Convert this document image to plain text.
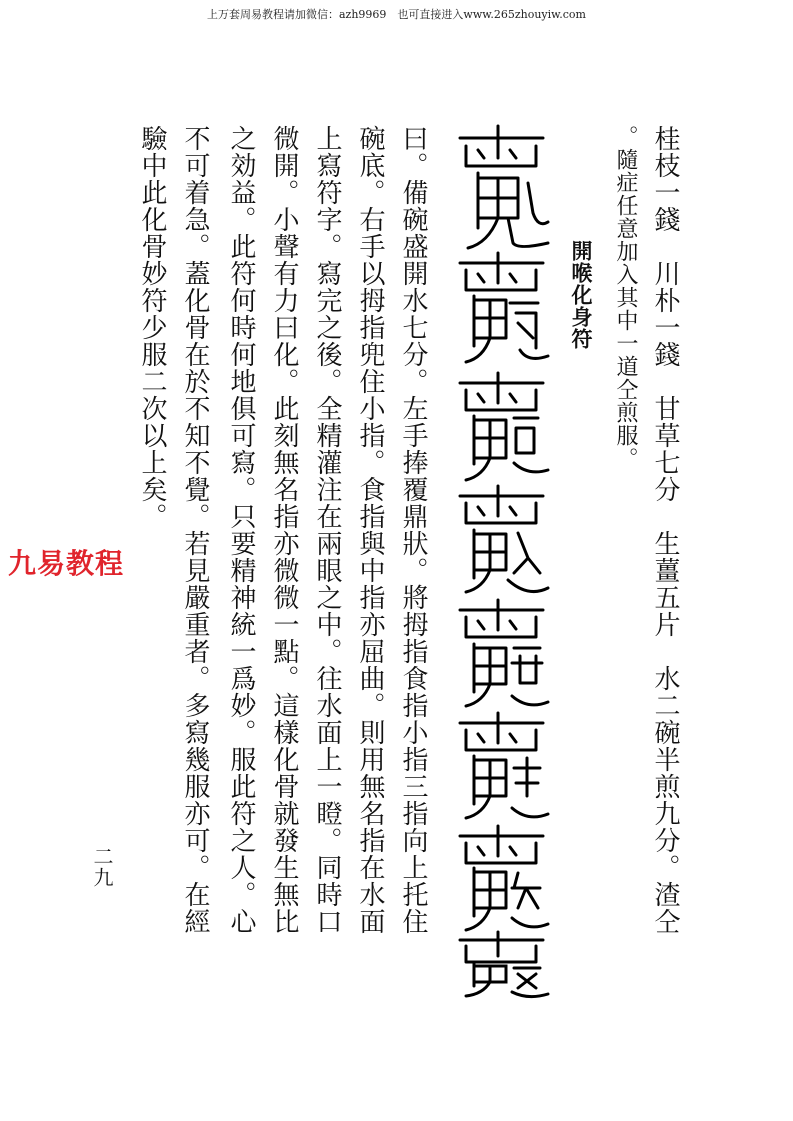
上万套周易教程请加微信：azh9969　也可直接进入www.265zhouyiw.com
桂枝一錢　川朴一錢　甘草七分　生薑五片　水二碗半煎九分。渣仝
。隨症任意加入其中一道仝煎服。
開喉化身符
曰。備碗盛開水七分。左手捧覆鼎狀。將拇指食指小指三指向上托住
碗底。右手以拇指兜住小指。食指與中指亦屈曲。則用無名指在水面
上寫符字。寫完之後。全精灌注在兩眼之中。往水面上一瞪。同時口
微開。小聲有力曰化。此刻無名指亦微微一點。這樣化骨就發生無比
之効益。此符何時何地俱可寫。只要精神統一爲妙。服此符之人。心
不可着急。蓋化骨在於不知不覺。若見嚴重者。多寫幾服亦可。在經
驗中此化骨妙符少服二次以上矣。
二九
九易教程
